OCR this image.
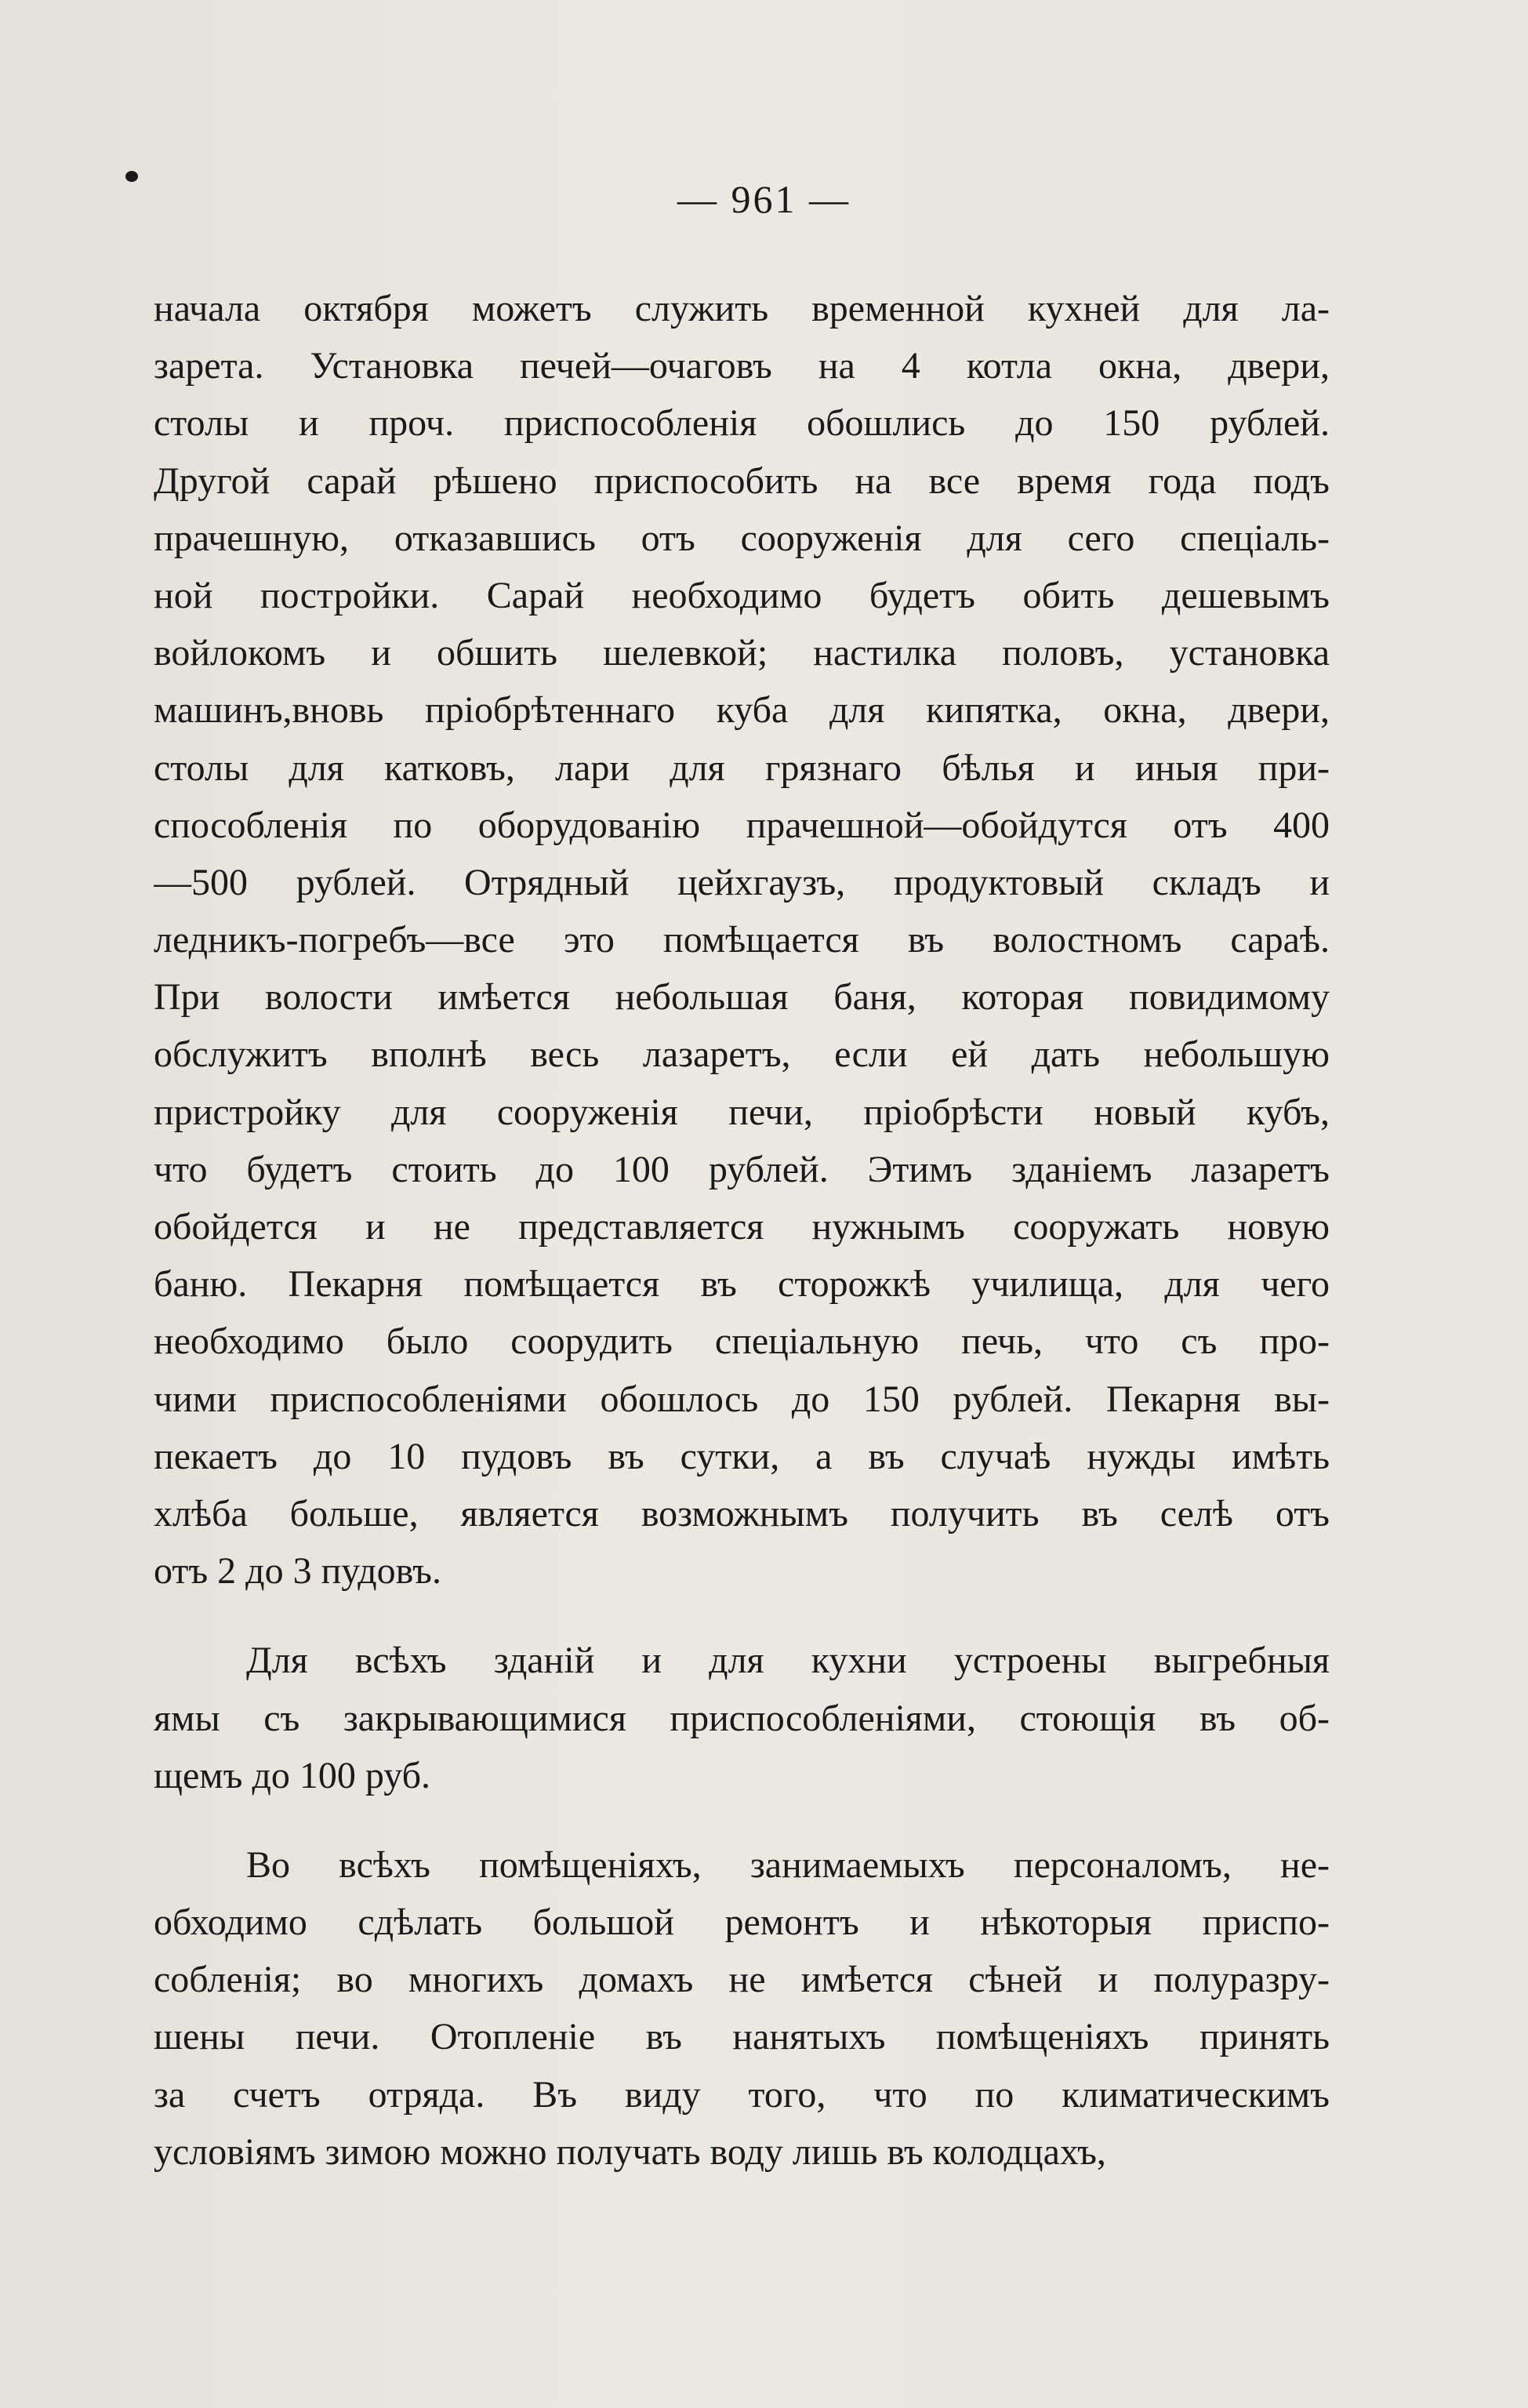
— 961 —
начала октября можетъ служить временной кухней для ла-
зарета. Установка печей—очаговъ на 4 котла окна, двери,
столы и проч. приспособленія обошлись до 150 рублей.
Другой сарай рѣшено приспособить на все время года подъ
прачешную, отказавшись отъ сооруженія для сего спеціаль-
ной постройки. Сарай необходимо будетъ обить дешевымъ
войлокомъ и обшить шелевкой; настилка половъ, установка
машинъ,вновь пріобрѣтеннаго куба для кипятка, окна, двери,
столы для катковъ, лари для грязнаго бѣлья и иныя при-
способленія по оборудованію прачешной—обойдутся отъ 400
—500 рублей. Отрядный цейхгаузъ, продуктовый складъ и
ледникъ-погребъ—все это помѣщается въ волостномъ сараѣ.
При волости имѣется небольшая баня, которая повидимому
обслужитъ вполнѣ весь лазаретъ, если ей дать небольшую
пристройку для сооруженія печи, пріобрѣсти новый кубъ,
что будетъ стоить до 100 рублей. Этимъ зданіемъ лазаретъ
обойдется и не представляется нужнымъ сооружать новую
баню. Пекарня помѣщается въ сторожкѣ училища, для чего
необходимо было соорудить спеціальную печь, что съ про-
чими приспособленіями обошлось до 150 рублей. Пекарня вы-
пекаетъ до 10 пудовъ въ сутки, а въ случаѣ нужды имѣть
хлѣба больше, является возможнымъ получить въ селѣ отъ
отъ 2 до 3 пудовъ.
Для всѣхъ зданій и для кухни устроены выгребныя
ямы съ закрывающимися приспособленіями, стоющія въ об-
щемъ до 100 руб.
Во всѣхъ помѣщеніяхъ, занимаемыхъ персоналомъ, не-
обходимо сдѣлать большой ремонтъ и нѣкоторыя приспо-
собленія; во многихъ домахъ не имѣется сѣней и полуразру-
шены печи. Отопленіе въ нанятыхъ помѣщеніяхъ принять
за счетъ отряда. Въ виду того, что по климатическимъ
условіямъ зимою можно получать воду лишь въ колодцахъ,
